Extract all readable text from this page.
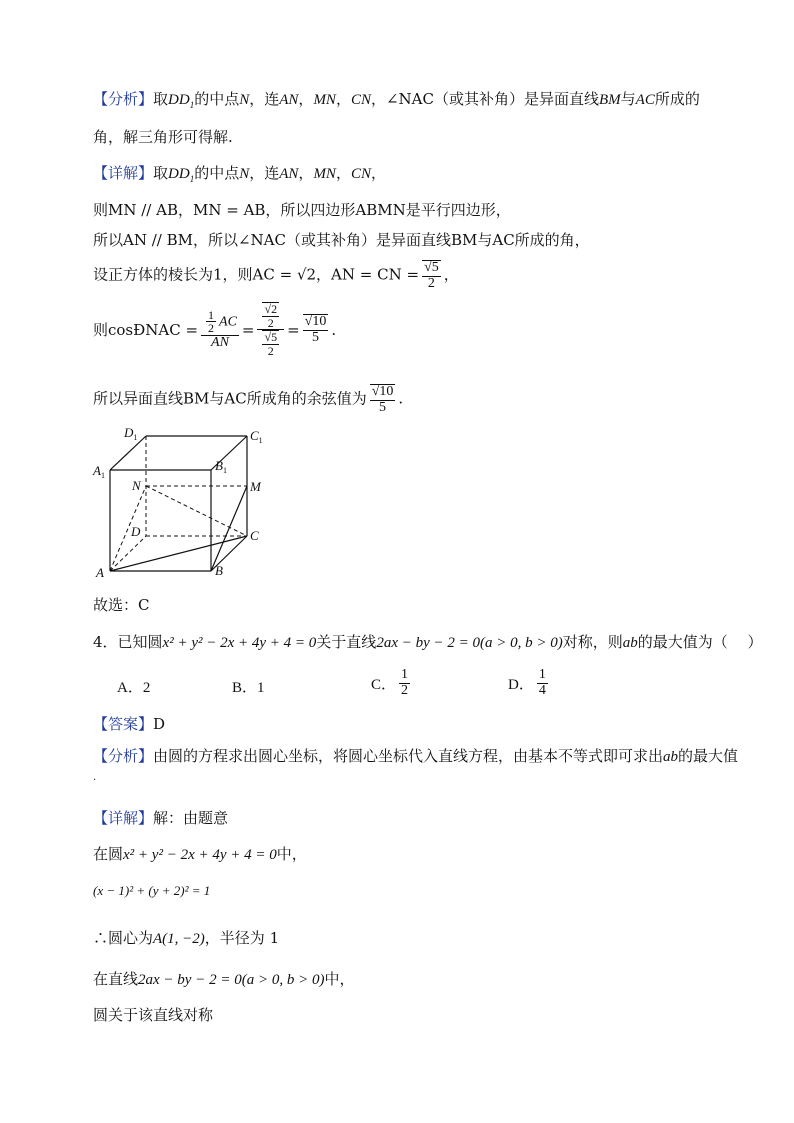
【分析】取$DD_1$的中点N，连AN，MN，CN，∠NAC（或其补角）是异面直线BM与AC所成的
角，解三角形可得解.
【详解】取$DD_1$的中点N，连AN，MN，CN，
则MN // AB，MN = AB，所以四边形ABMN是平行四边形，
所以AN // BM，所以∠NAC（或其补角）是异面直线BM与AC所成的角，
设正方体的棱长为1，则AC = √2，AN = CN = $\frac{√5}{2}$ ，
则cosÐNAC = $\frac{\frac{1}{2} AC}{AN} = \frac{\frac{√2}{2}}{\frac{√5}{2}} = \frac{√10}{5}$ .
所以异面直线BM与AC所成角的余弦值为 $\frac{√10}{5}$ .
$D_1$	$C_1$
$A_1$
$B_1$
N	M
D	C
A	B
故选：C
4．已知圆x² + y² − 2x + 4y + 4 = 0关于直线2ax − by − 2 = 0(a > 0, b > 0)对称，则ab的最大值为（　 ）
A．2	B．1	C． $\frac{1}{2}$	D． $\frac{1}{4}$
【答案】D
【分析】由圆的方程求出圆心坐标，将圆心坐标代入直线方程，由基本不等式即可求出ab的最大值
.
【详解】解：由题意
在圆x² + y² − 2x + 4y + 4 = 0中，
(x − 1)² + (y + 2)² = 1
∴圆心为A(1, −2)，半径为 1
在直线2ax − by − 2 = 0(a > 0, b > 0)中，
圆关于该直线对称
